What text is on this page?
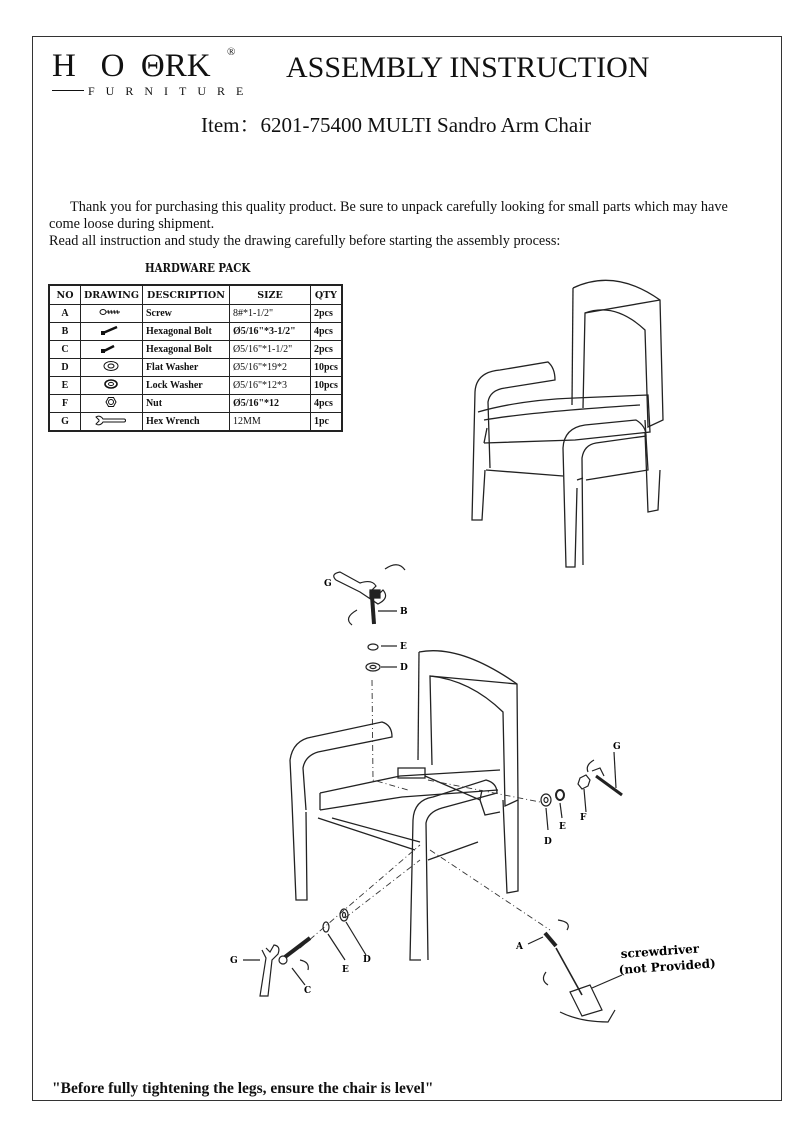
H   O  ΘRK ®
FURNITURE
ASSEMBLY INSTRUCTION
Item：6201-75400 MULTI Sandro Arm Chair

Thank you for purchasing this quality product. Be sure to unpack carefully looking for small parts which may have come loose during shipment.

Read all instruction and study the drawing carefully before starting the assembly process:

HARDWARE PACK
NO	DRAWING	DESCRIPTION	SIZE	QTY
A		Screw	8#*1-1/2"	2pcs
B		Hexagonal Bolt	Ø5/16"*3-1/2"	4pcs
C		Hexagonal Bolt	Ø5/16"*1-1/2"	2pcs
D		Flat Washer	Ø5/16"*19*2	10pcs
E		Lock Washer	Ø5/16"*12*3	10pcs
F		Nut	Ø5/16"*12	4pcs
G		Hex Wrench	12MM	1pc
G
B
E
D
G
F
E
D
G
C
E
D
A	screwdriver
(not Provided)
"Before fully tightening the legs, ensure the chair is level"
